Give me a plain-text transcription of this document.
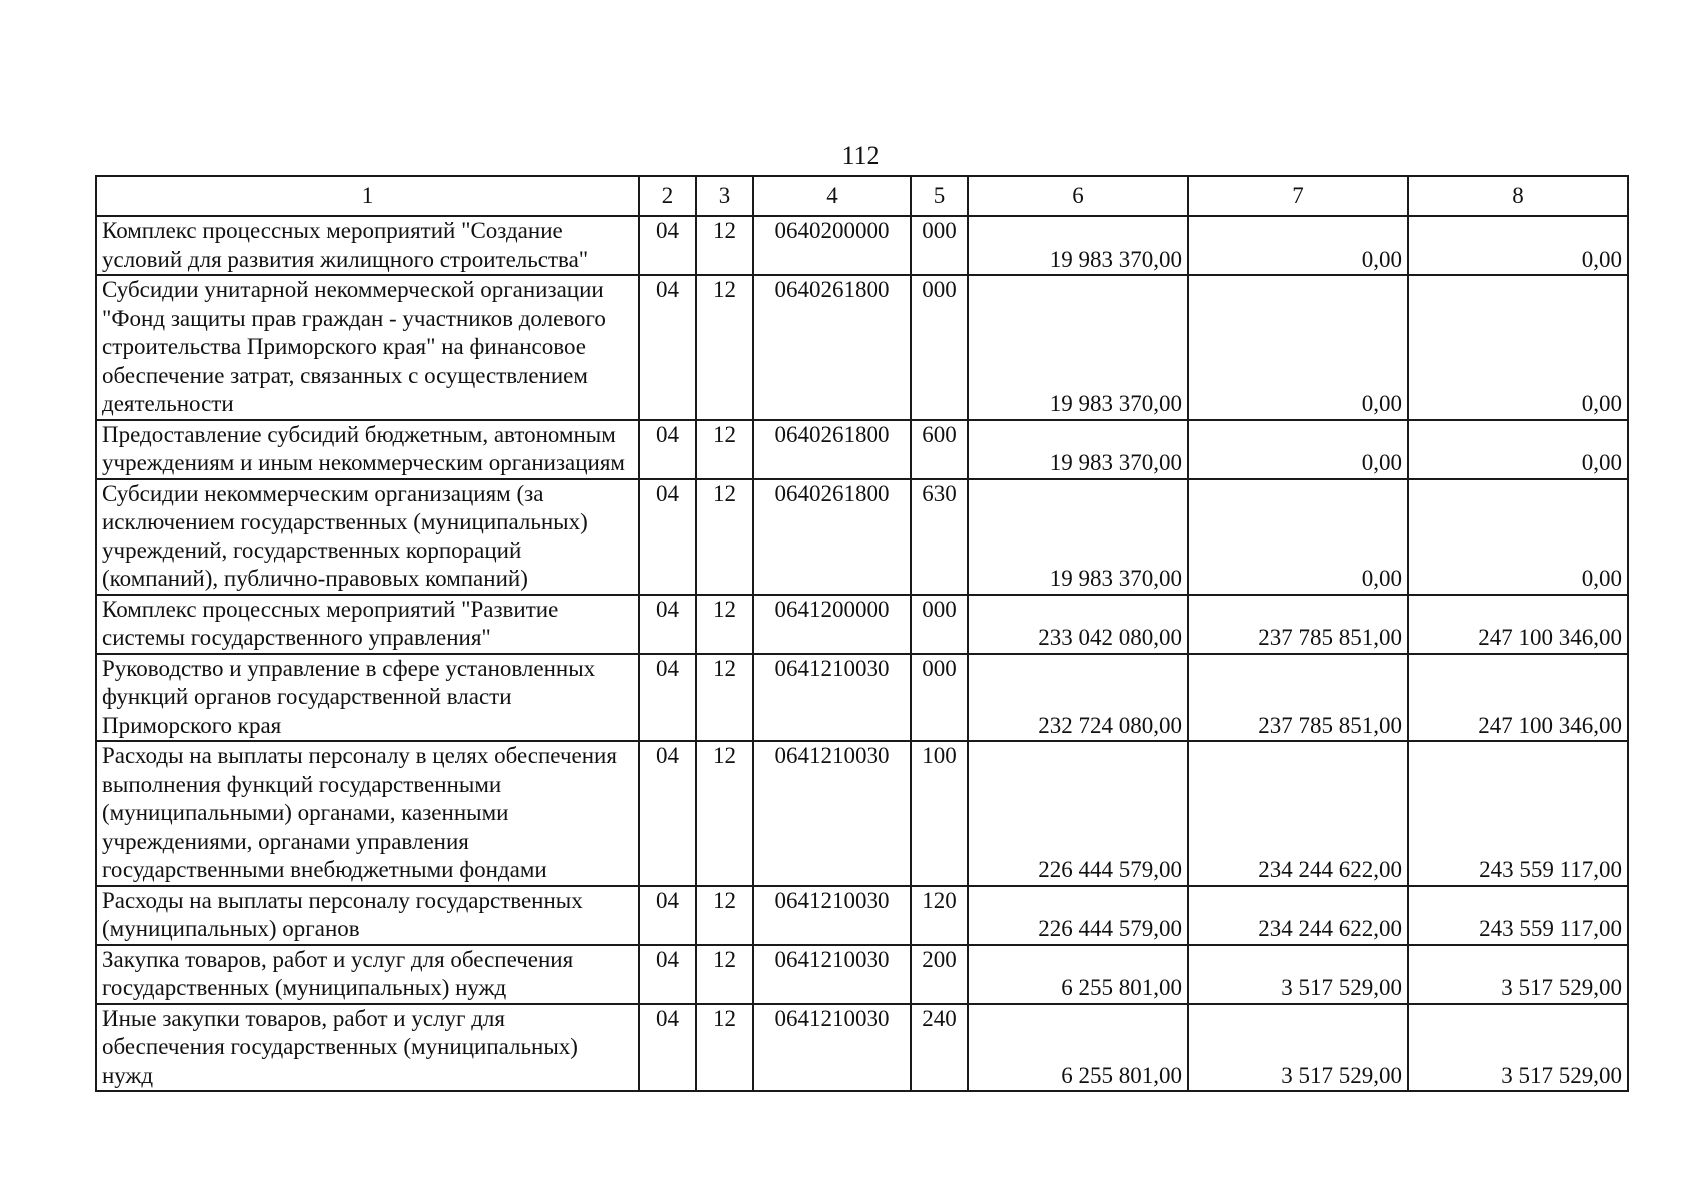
112
1	2	3	4	5	6	7	8
Комплекс процессных мероприятий "Создание условий для развития жилищного строительства"	04	12	0640200000	000	19 983 370,00	0,00	0,00
Субсидии унитарной некоммерческой организации "Фонд защиты прав граждан - участников долевого строительства Приморского края" на финансовое обеспечение затрат, связанных с осуществлением деятельности	04	12	0640261800	000	19 983 370,00	0,00	0,00
Предоставление субсидий бюджетным, автономным учреждениям и иным некоммерческим организациям	04	12	0640261800	600	19 983 370,00	0,00	0,00
Субсидии некоммерческим организациям (за исключением государственных (муниципальных) учреждений, государственных корпораций (компаний), публично-правовых компаний)	04	12	0640261800	630	19 983 370,00	0,00	0,00
Комплекс процессных мероприятий "Развитие системы государственного управления"	04	12	0641200000	000	233 042 080,00	237 785 851,00	247 100 346,00
Руководство и управление в сфере установленных функций органов государственной власти Приморского края	04	12	0641210030	000	232 724 080,00	237 785 851,00	247 100 346,00
Расходы на выплаты персоналу в целях обеспечения выполнения функций государственными (муниципальными) органами, казенными учреждениями, органами управления государственными внебюджетными фондами	04	12	0641210030	100	226 444 579,00	234 244 622,00	243 559 117,00
Расходы на выплаты персоналу государственных (муниципальных) органов	04	12	0641210030	120	226 444 579,00	234 244 622,00	243 559 117,00
Закупка товаров, работ и услуг для обеспечения государственных (муниципальных) нужд	04	12	0641210030	200	6 255 801,00	3 517 529,00	3 517 529,00
Иные закупки товаров, работ и услуг для обеспечения государственных (муниципальных) нужд	04	12	0641210030	240	6 255 801,00	3 517 529,00	3 517 529,00
